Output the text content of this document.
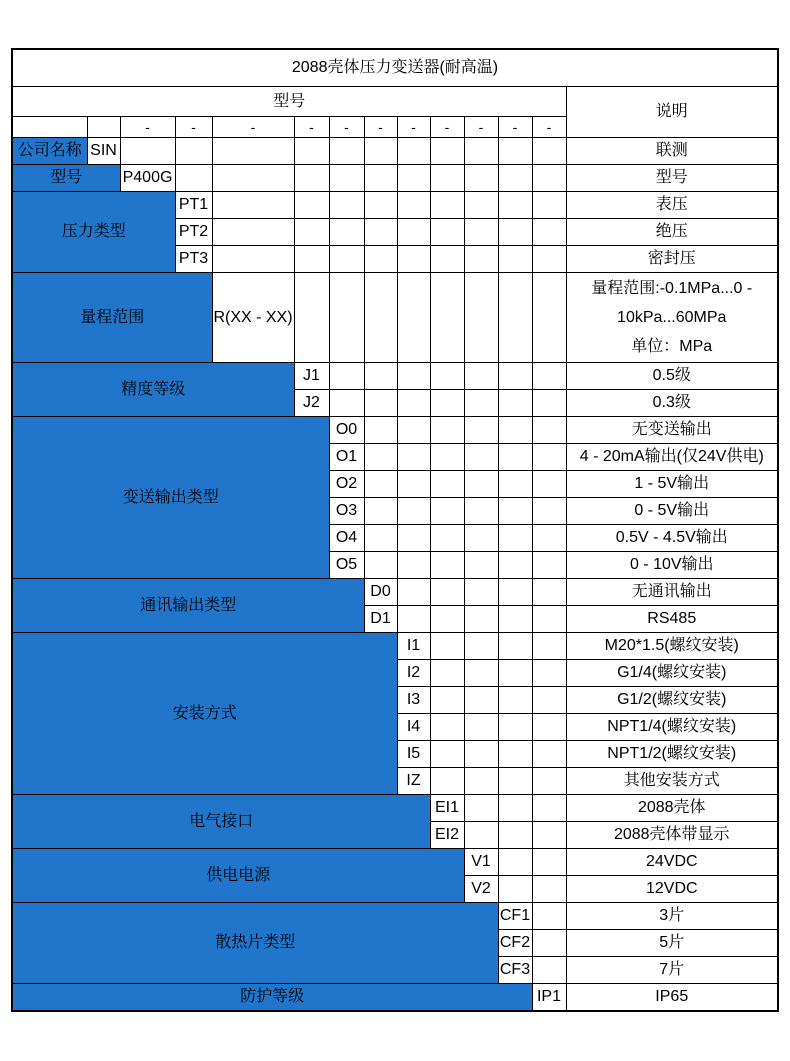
2088壳体压力变送器(耐高温)													
型号													说明
		-	-	-	-	-	-	-	-	-	-	-	
公司名称	SIN												联测
型号		P400G											型号
压力类型			PT1										表压
			PT2										绝压
			PT3										密封压
量程范围				R(XX - XX)									量程范围:-0.1MPa...0 -
10kPa...60MPa
单位：MPa

精度等级					J1								0.5级
					J2								0.3级
变送输出类型						O0							无变送输出
						O1							4 - 20mA输出(仅24V供电)
						O2							1 - 5V输出
						O3							0 - 5V输出
						O4							0.5V - 4.5V输出
						O5							0 - 10V输出
通讯输出类型							D0						无通讯输出
							D1						RS485
安装方式								I1					M20*1.5(螺纹安装)
								I2					G1/4(螺纹安装)
								I3					G1/2(螺纹安装)
								I4					NPT1/4(螺纹安装)
								I5					NPT1/2(螺纹安装)
								IZ					其他安装方式
电气接口									EI1				2088壳体
									EI2				2088壳体带显示
供电电源										V1			24VDC
										V2			12VDC
散热片类型											CF1		3片
											CF2		5片
											CF3		7片
防护等级												IP1	IP65
